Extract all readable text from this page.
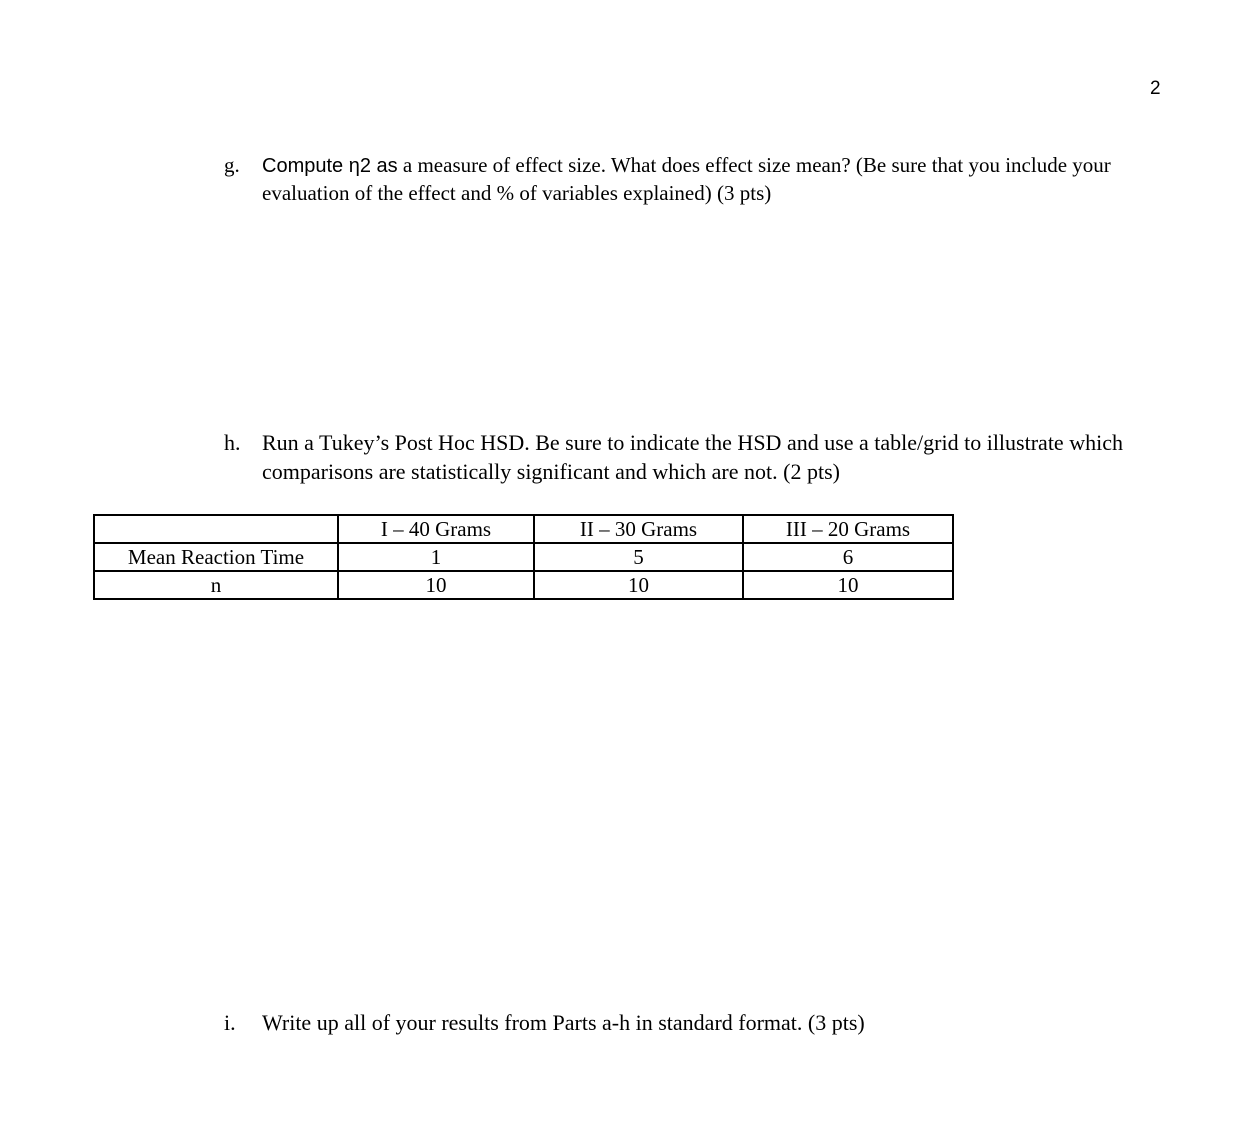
2
g. Compute η2 as a measure of effect size. What does effect size mean? (Be sure that you include your evaluation of the effect and % of variables explained) (3 pts)
h. Run a Tukey’s Post Hoc HSD. Be sure to indicate the HSD and use a table/grid to illustrate which comparisons are statistically significant and which are not. (2 pts)
	I – 40 Grams	II – 30 Grams	III – 20 Grams
Mean Reaction Time	1	5	6
n	10	10	10
i. Write up all of your results from Parts a-h in standard format. (3 pts)
